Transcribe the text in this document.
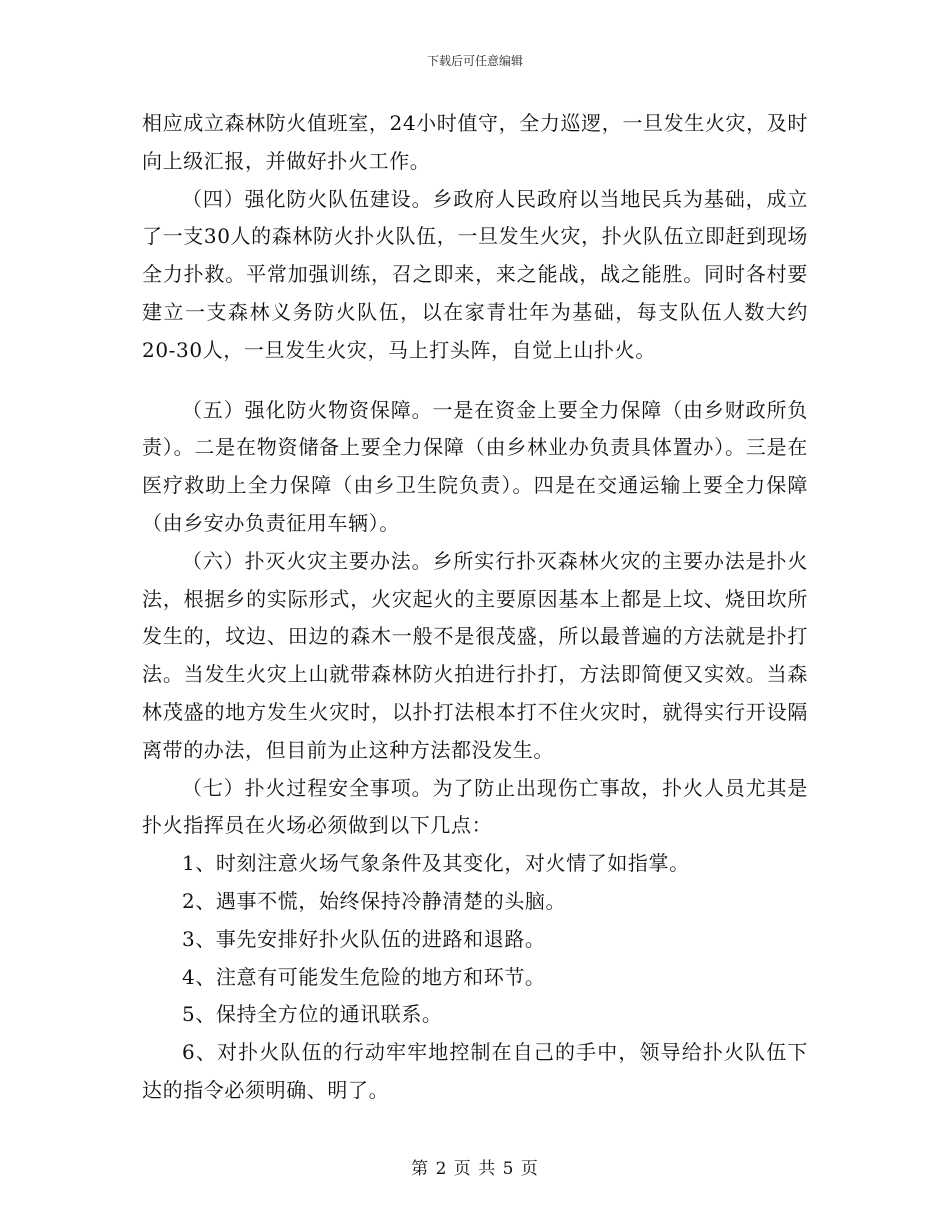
下载后可任意编辑

相应成立森林防火值班室，24小时值守，全力巡逻，一旦发生火灾，及时向上级汇报，并做好扑火工作。

（四）强化防火队伍建设。乡政府人民政府以当地民兵为基础，成立了一支30人的森林防火扑火队伍，一旦发生火灾，扑火队伍立即赶到现场全力扑救。平常加强训练，召之即来，来之能战，战之能胜。同时各村要建立一支森林义务防火队伍，以在家青壮年为基础，每支队伍人数大约20-30人，一旦发生火灾，马上打头阵，自觉上山扑火。

（五）强化防火物资保障。一是在资金上要全力保障（由乡财政所负责）。二是在物资储备上要全力保障（由乡林业办负责具体置办）。三是在医疗救助上全力保障（由乡卫生院负责）。四是在交通运输上要全力保障（由乡安办负责征用车辆）。

（六）扑灭火灾主要办法。乡所实行扑灭森林火灾的主要办法是扑火法，根据乡的实际形式，火灾起火的主要原因基本上都是上坟、烧田坎所发生的，坟边、田边的森木一般不是很茂盛，所以最普遍的方法就是扑打法。当发生火灾上山就带森林防火拍进行扑打，方法即简便又实效。当森林茂盛的地方发生火灾时，以扑打法根本打不住火灾时，就得实行开设隔离带的办法，但目前为止这种方法都没发生。

（七）扑火过程安全事项。为了防止出现伤亡事故，扑火人员尤其是扑火指挥员在火场必须做到以下几点：

1、时刻注意火场气象条件及其变化，对火情了如指掌。

2、遇事不慌，始终保持冷静清楚的头脑。

3、事先安排好扑火队伍的进路和退路。

4、注意有可能发生危险的地方和环节。

5、保持全方位的通讯联系。

6、对扑火队伍的行动牢牢地控制在自己的手中，领导给扑火队伍下达的指令必须明确、明了。

第 2 页 共 5 页
